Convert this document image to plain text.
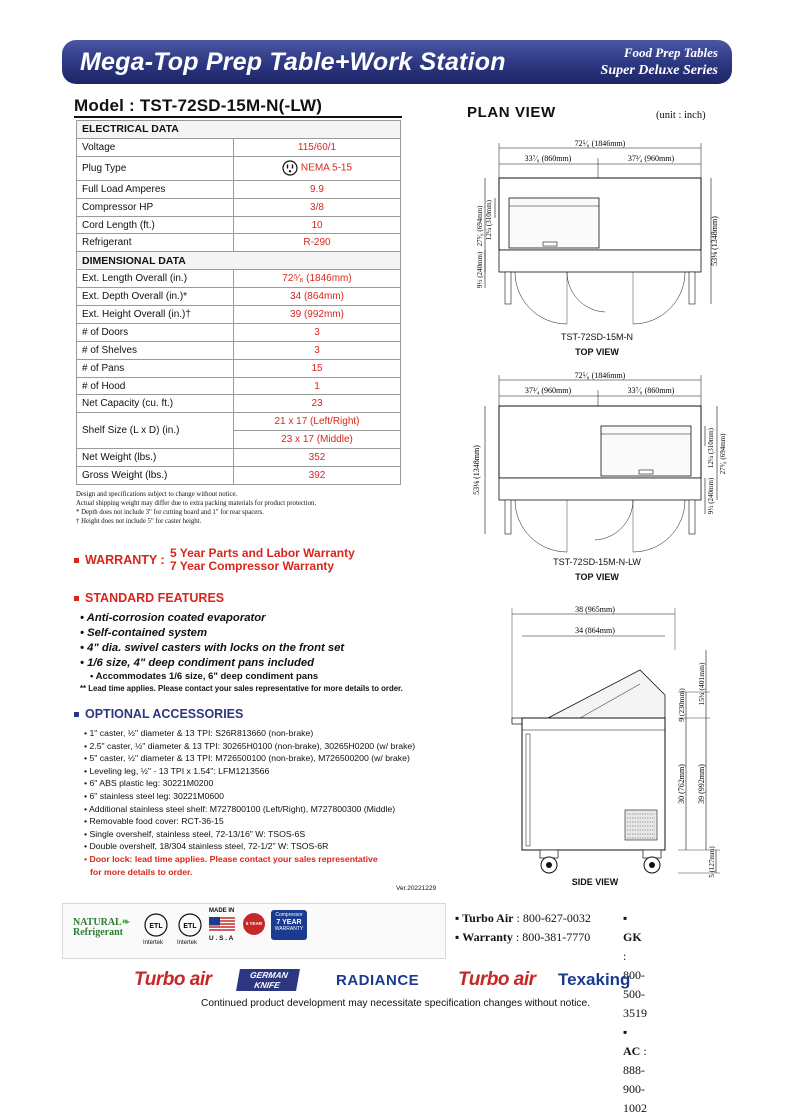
Mega-Top Prep Table+Work Station	Food Prep Tables
Super Deluxe Series
Model : TST-72SD-15M-N(-LW)
ELECTRICAL DATA	
Voltage	115/60/1
Plug Type	NEMA 5-15
Full Load Amperes	9.9
Compressor HP	3/8
Cord Length (ft.)	10
Refrigerant	R-290
DIMENSIONAL DATA	
Ext. Length Overall (in.)	72⁵⁄₈ (1846mm)
Ext. Depth Overall (in.)*	34 (864mm)
Ext. Height Overall (in.)†	39 (992mm)
# of Doors	3
# of Shelves	3
# of Pans	15
# of Hood	1
Net Capacity (cu. ft.)	23
Shelf Size (L x D) (in.)	21 x 17 (Left/Right)
	23 x 17 (Middle)
Net Weight (lbs.)	352
Gross Weight (lbs.)	392
Design and specifications subject to change without notice.
Actual shipping weight may differ due to extra packing materials for product protection.
* Depth does not include 3" for cutting board and 1" for rear spacers.
† Height does not include 5" for caster height.
WARRANTY : 5 Year Parts and Labor Warranty
7 Year Compressor Warranty
STANDARD FEATURES
• Anti-corrosion coated evaporator
• Self-contained system
• 4" dia. swivel casters with locks on the front set
• 1/6 size, 4" deep condiment pans included
• Accommodates 1/6 size, 6" deep condiment pans
** Lead time applies. Please contact your sales representative for more details to order.
OPTIONAL ACCESSORIES
• 1" caster, ½" diameter & 13 TPI: S26R813660 (non-brake)
• 2.5" caster, ½" diameter & 13 TPI: 30265H0100 (non-brake), 30265H0200 (w/ brake)
• 5" caster, ½" diameter & 13 TPI: M726500100 (non-brake), M726500200 (w/ brake)
• Leveling leg, ½" - 13 TPI x 1.54": LFM1213566
• 6" ABS plastic leg: 30221M0200
• 6" stainless steel leg: 30221M0600
• Additional stainless steel shelf: M727800100 (Left/Right), M727800300 (Middle)
• Removable food cover: RCT-36-15
• Single overshelf, stainless steel, 72-13/16" W: TSOS-6S
• Double overshelf, 18/304 stainless steel, 72-1/2" W: TSOS-6R
• Door lock: lead time applies. Please contact your sales representative
for more details to order.
Ver.20221229
PLAN VIEW	(unit : inch)
72⁵⁄₈ (1846mm)
33⁷⁄₈ (860mm)	37³⁄₄ (960mm)
12¼ (310mm)
27⁵⁄₈ (694mm)
9½ (240mm)
53⅛ (1348mm)
TST-72SD-15M-N
TOP VIEW
72⁵⁄₈ (1846mm)
37³⁄₄ (960mm)	33⁷⁄₈ (860mm)
53⅛ (1348mm)	12¼ (310mm) 27⁵⁄₈ (694mm)
9½ (240mm)
TST-72SD-15M-N-LW
TOP VIEW
38 (965mm)
34 (864mm)
9 (230mm) 15¾ (401mm)
30 (762mm) 39 (992mm)
5 (127mm)
SIDE VIEW
NATURAL❧
Refrigerant
ETL
Intertek
ETL
Intertek
MADE IN
U . S . A
5 YEAR
Compressor
7 YEAR
WARRANTY
▪ Turbo Air : 800-627-0032
▪ Warranty : 800-381-7770
▪ GK : 800-500-3519
▪ AC : 888-900-1002
Turbo air	GERMAN KNIFE	RADIANCE Turbo air Texaking
Continued product development may necessitate specification changes without notice.
